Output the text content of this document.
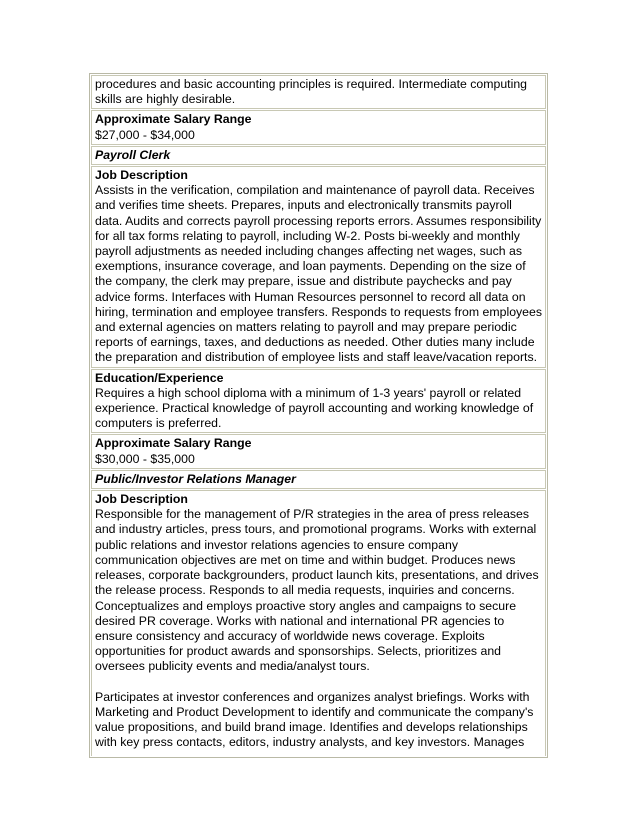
procedures and basic accounting principles is required. Intermediate computing skills are highly desirable.
Approximate Salary Range
$27,000 - $34,000
Payroll Clerk
Job Description
Assists in the verification, compilation and maintenance of payroll data. Receives and verifies time sheets. Prepares, inputs and electronically transmits payroll data. Audits and corrects payroll processing reports errors. Assumes responsibility for all tax forms relating to payroll, including W-2. Posts bi-weekly and monthly payroll adjustments as needed including changes affecting net wages, such as exemptions, insurance coverage, and loan payments. Depending on the size of the company, the clerk may prepare, issue and distribute paychecks and pay advice forms. Interfaces with Human Resources personnel to record all data on hiring, termination and employee transfers. Responds to requests from employees and external agencies on matters relating to payroll and may prepare periodic reports of earnings, taxes, and deductions as needed. Other duties many include the preparation and distribution of employee lists and staff leave/vacation reports.
Education/Experience
Requires a high school diploma with a minimum of 1-3 years' payroll or related experience. Practical knowledge of payroll accounting and working knowledge of computers is preferred.
Approximate Salary Range
$30,000 - $35,000
Public/Investor Relations Manager
Job Description
Responsible for the management of P/R strategies in the area of press releases and industry articles, press tours, and promotional programs. Works with external public relations and investor relations agencies to ensure company communication objectives are met on time and within budget. Produces news releases, corporate backgrounders, product launch kits, presentations, and drives the release process. Responds to all media requests, inquiries and concerns. Conceptualizes and employs proactive story angles and campaigns to secure desired PR coverage. Works with national and international PR agencies to ensure consistency and accuracy of worldwide news coverage. Exploits opportunities for product awards and sponsorships. Selects, prioritizes and oversees publicity events and media/analyst tours.
Participates at investor conferences and organizes analyst briefings. Works with Marketing and Product Development to identify and communicate the company's value propositions, and build brand image. Identifies and develops relationships with key press contacts, editors, industry analysts, and key investors. Manages
